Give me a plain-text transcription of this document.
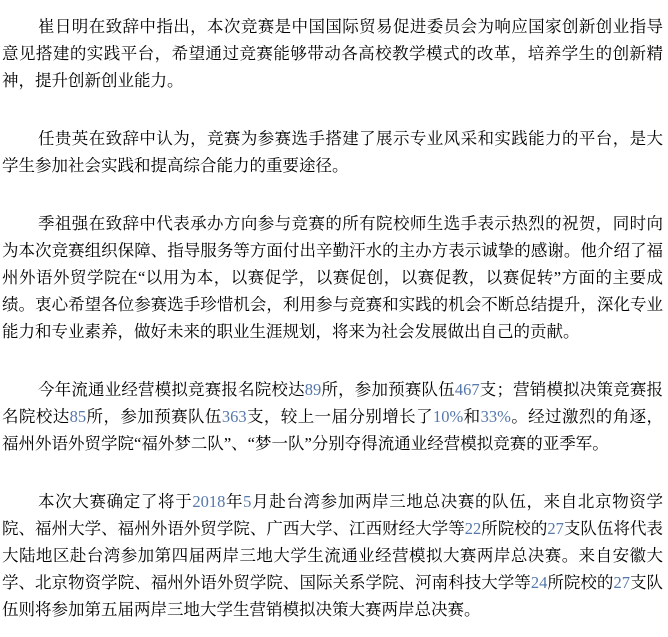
崔日明在致辞中指出，本次竞赛是中国国际贸易促进委员会为响应国家创新创业指导意见搭建的实践平台，希望通过竞赛能够带动各高校教学模式的改革，培养学生的创新精神，提升创新创业能力。

任贵英在致辞中认为，竞赛为参赛选手搭建了展示专业风采和实践能力的平台，是大学生参加社会实践和提高综合能力的重要途径。

季祖强在致辞中代表承办方向参与竞赛的所有院校师生选手表示热烈的祝贺，同时向为本次竞赛组织保障、指导服务等方面付出辛勤汗水的主办方表示诚挚的感谢。他介绍了福州外语外贸学院在“以用为本，以赛促学，以赛促创，以赛促教，以赛促转”方面的主要成绩。衷心希望各位参赛选手珍惜机会，利用参与竞赛和实践的机会不断总结提升，深化专业能力和专业素养，做好未来的职业生涯规划，将来为社会发展做出自己的贡献。

今年流通业经营模拟竞赛报名院校达89所，参加预赛队伍467支；营销模拟决策竞赛报名院校达85所，参加预赛队伍363支，较上一届分别增长了10%和33%。经过激烈的角逐，福州外语外贸学院“福外梦二队”、“梦一队”分别夺得流通业经营模拟竞赛的亚季军。

本次大赛确定了将于2018年5月赴台湾参加两岸三地总决赛的队伍，来自北京物资学院、福州大学、福州外语外贸学院、广西大学、江西财经大学等22所院校的27支队伍将代表大陆地区赴台湾参加第四届两岸三地大学生流通业经营模拟大赛两岸总决赛。来自安徽大学、北京物资学院、福州外语外贸学院、国际关系学院、河南科技大学等24所院校的27支队伍则将参加第五届两岸三地大学生营销模拟决策大赛两岸总决赛。
